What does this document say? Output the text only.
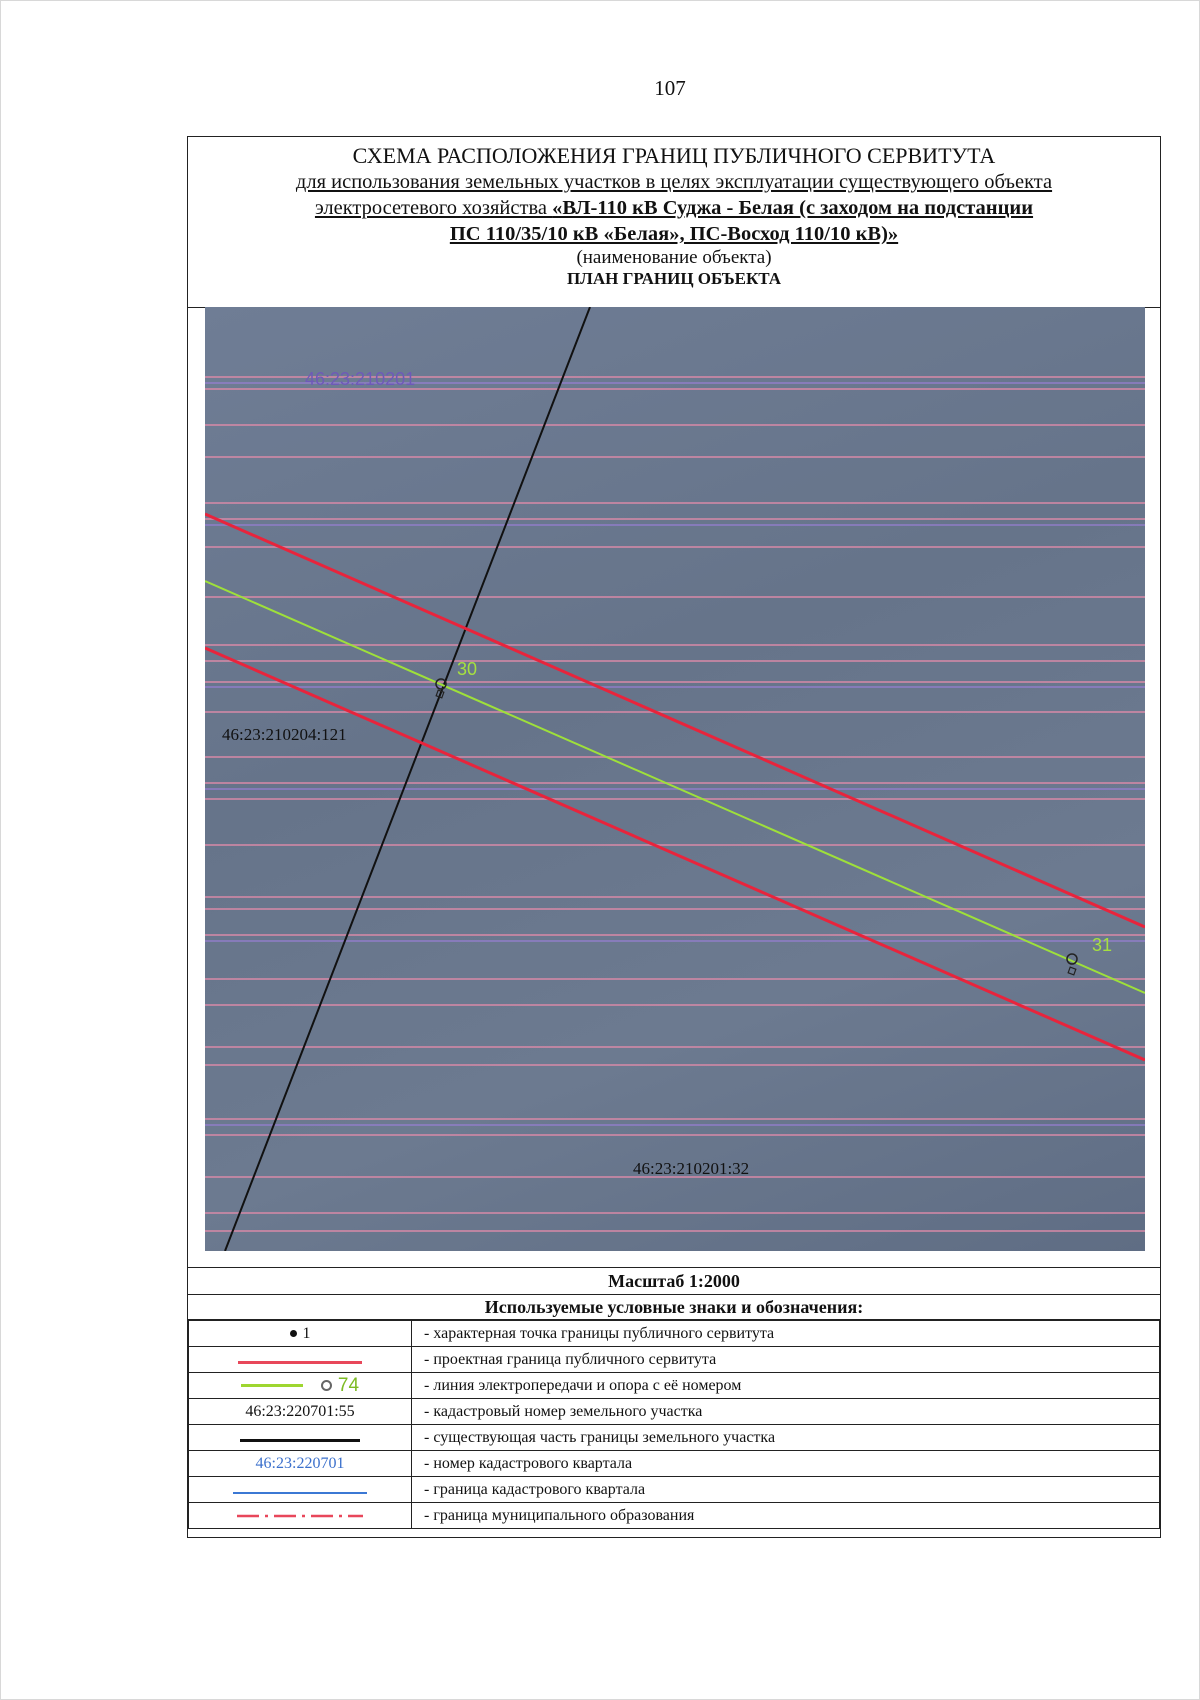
107
СХЕМА РАСПОЛОЖЕНИЯ ГРАНИЦ ПУБЛИЧНОГО СЕРВИТУТА
для использования земельных участков в целях эксплуатации существующего объекта
электросетевого хозяйства «ВЛ-110 кВ Суджа - Белая (с заходом на подстанции
ПС 110/35/10 кВ «Белая», ПС-Восход 110/10 кВ)»
(наименование объекта)
ПЛАН ГРАНИЦ ОБЪЕКТА
46:23:210201
46:23:210204:121
46:23:210201:32
30
31
Масштаб 1:2000
Используемые условные знаки и обозначения:
1	- характерная точка границы публичного сервитута
	- проектная граница публичного сервитута

74	- линия электропередачи и опора с её номером
46:23:220701:55	- кадастровый номер земельного участка
	- существующая часть границы земельного участка
46:23:220701	- номер кадастрового квартала
	- граница кадастрового квартала
	- граница муниципального образования
